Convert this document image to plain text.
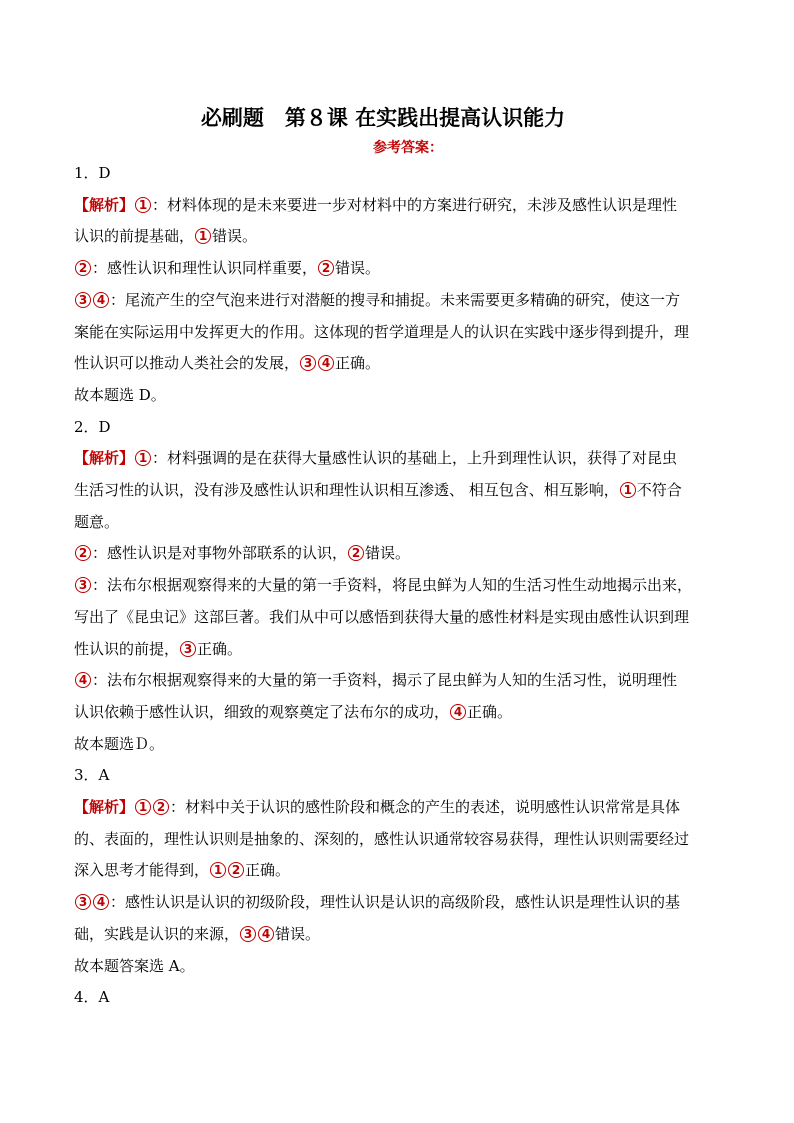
必刷题　第８课 在实践出提高认识能力
参考答案：
1．D
【解析】 1 ：材料体现的是未来要进一步对材料中的方案进行研究，未涉及感性认识是理性
认识的前提基础， 1 错误。
2 ：感性认识和理性认识同样重要， 2 错误。
3 4 ：尾流产生的空气泡来进行对潜艇的搜寻和捕捉。未来需要更多精确的研究，使这一方
案能在实际运用中发挥更大的作用。这体现的哲学道理是人的认识在实践中逐步得到提升，理
性认识可以推动人类社会的发展， 3 4 正确。
故本题选 D。
2．D
【解析】 1 ：材料强调的是在获得大量感性认识的基础上，上升到理性认识，获得了对昆虫
生活习性的认识，没有涉及感性认识和理性认识相互渗透、 相互包含、相互影响， 1 不符合
题意。
2 ：感性认识是对事物外部联系的认识， 2 错误。
3 ：法布尔根据观察得来的大量的第一手资料，将昆虫鲜为人知的生活习性生动地揭示出来，
写出了《昆虫记》这部巨著。我们从中可以感悟到获得大量的感性材料是实现由感性认识到理
性认识的前提， 3 正确。
4 ：法布尔根据观察得来的大量的第一手资料，揭示了昆虫鲜为人知的生活习性，说明理性
认识依赖于感性认识，细致的观察奠定了法布尔的成功， 4 正确。
故本题选Ｄ。
3．A
【解析】 1 2 ：材料中关于认识的感性阶段和概念的产生的表述，说明感性认识常常是具体
的、表面的，理性认识则是抽象的、深刻的，感性认识通常较容易获得，理性认识则需要经过
深入思考才能得到， 1 2 正确。
3 4 ：感性认识是认识的初级阶段，理性认识是认识的高级阶段，感性认识是理性认识的基
础，实践是认识的来源， 3 4 错误。
故本题答案选 A。
4．A
